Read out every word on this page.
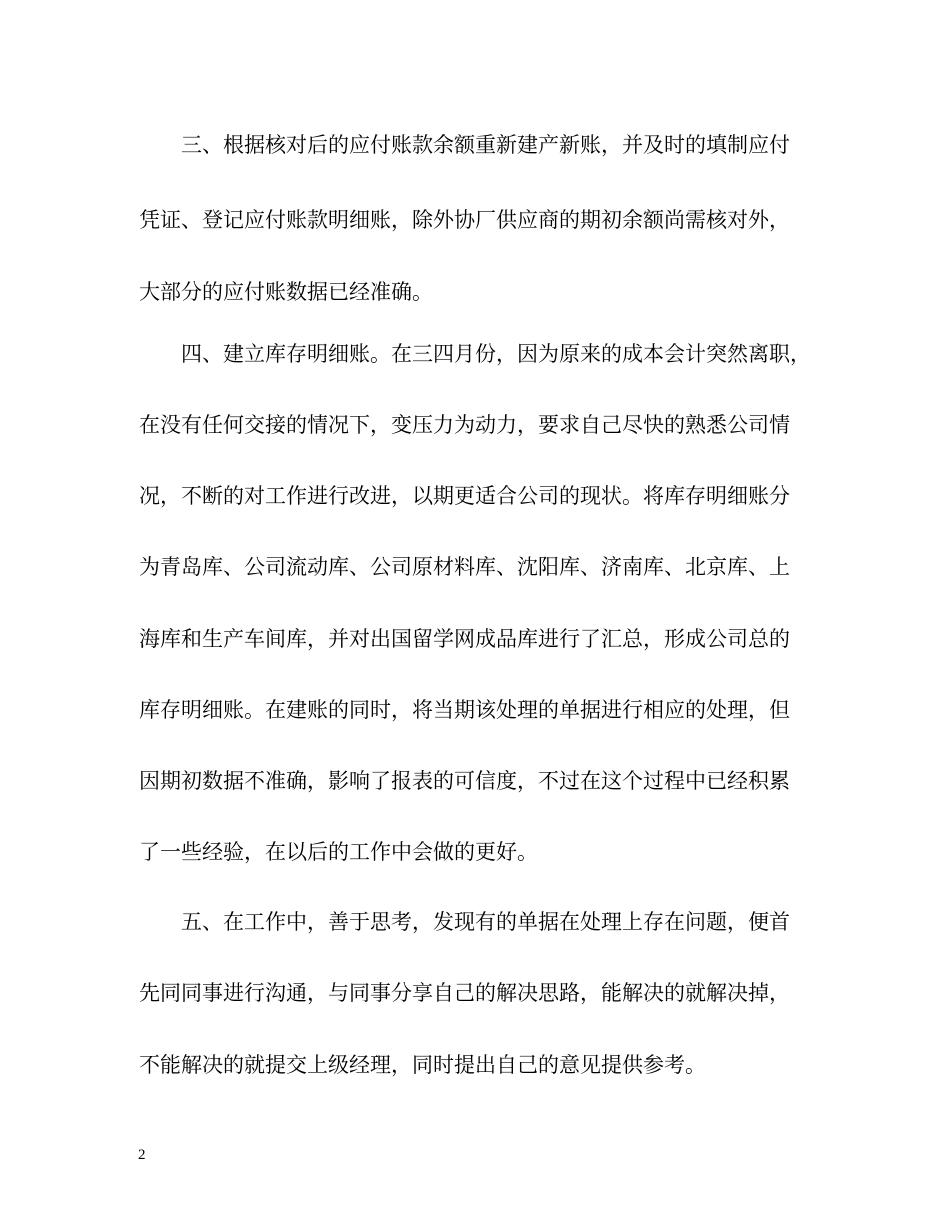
　　三、根据核对后的应付账款余额重新建产新账，并及时的填制应付
凭证、登记应付账款明细账，除外协厂供应商的期初余额尚需核对外，
大部分的应付账数据已经准确。
　　四、建立库存明细账。在三四月份，因为原来的成本会计突然离职，
在没有任何交接的情况下，变压力为动力，要求自己尽快的熟悉公司情
况，不断的对工作进行改进，以期更适合公司的现状。将库存明细账分
为青岛库、公司流动库、公司原材料库、沈阳库、济南库、北京库、上
海库和生产车间库，并对出国留学网成品库进行了汇总，形成公司总的
库存明细账。在建账的同时，将当期该处理的单据进行相应的处理，但
因期初数据不准确，影响了报表的可信度，不过在这个过程中已经积累
了一些经验，在以后的工作中会做的更好。
　　五、在工作中，善于思考，发现有的单据在处理上存在问题，便首
先同同事进行沟通，与同事分享自己的解决思路，能解决的就解决掉，
不能解决的就提交上级经理，同时提出自己的意见提供参考。
2
